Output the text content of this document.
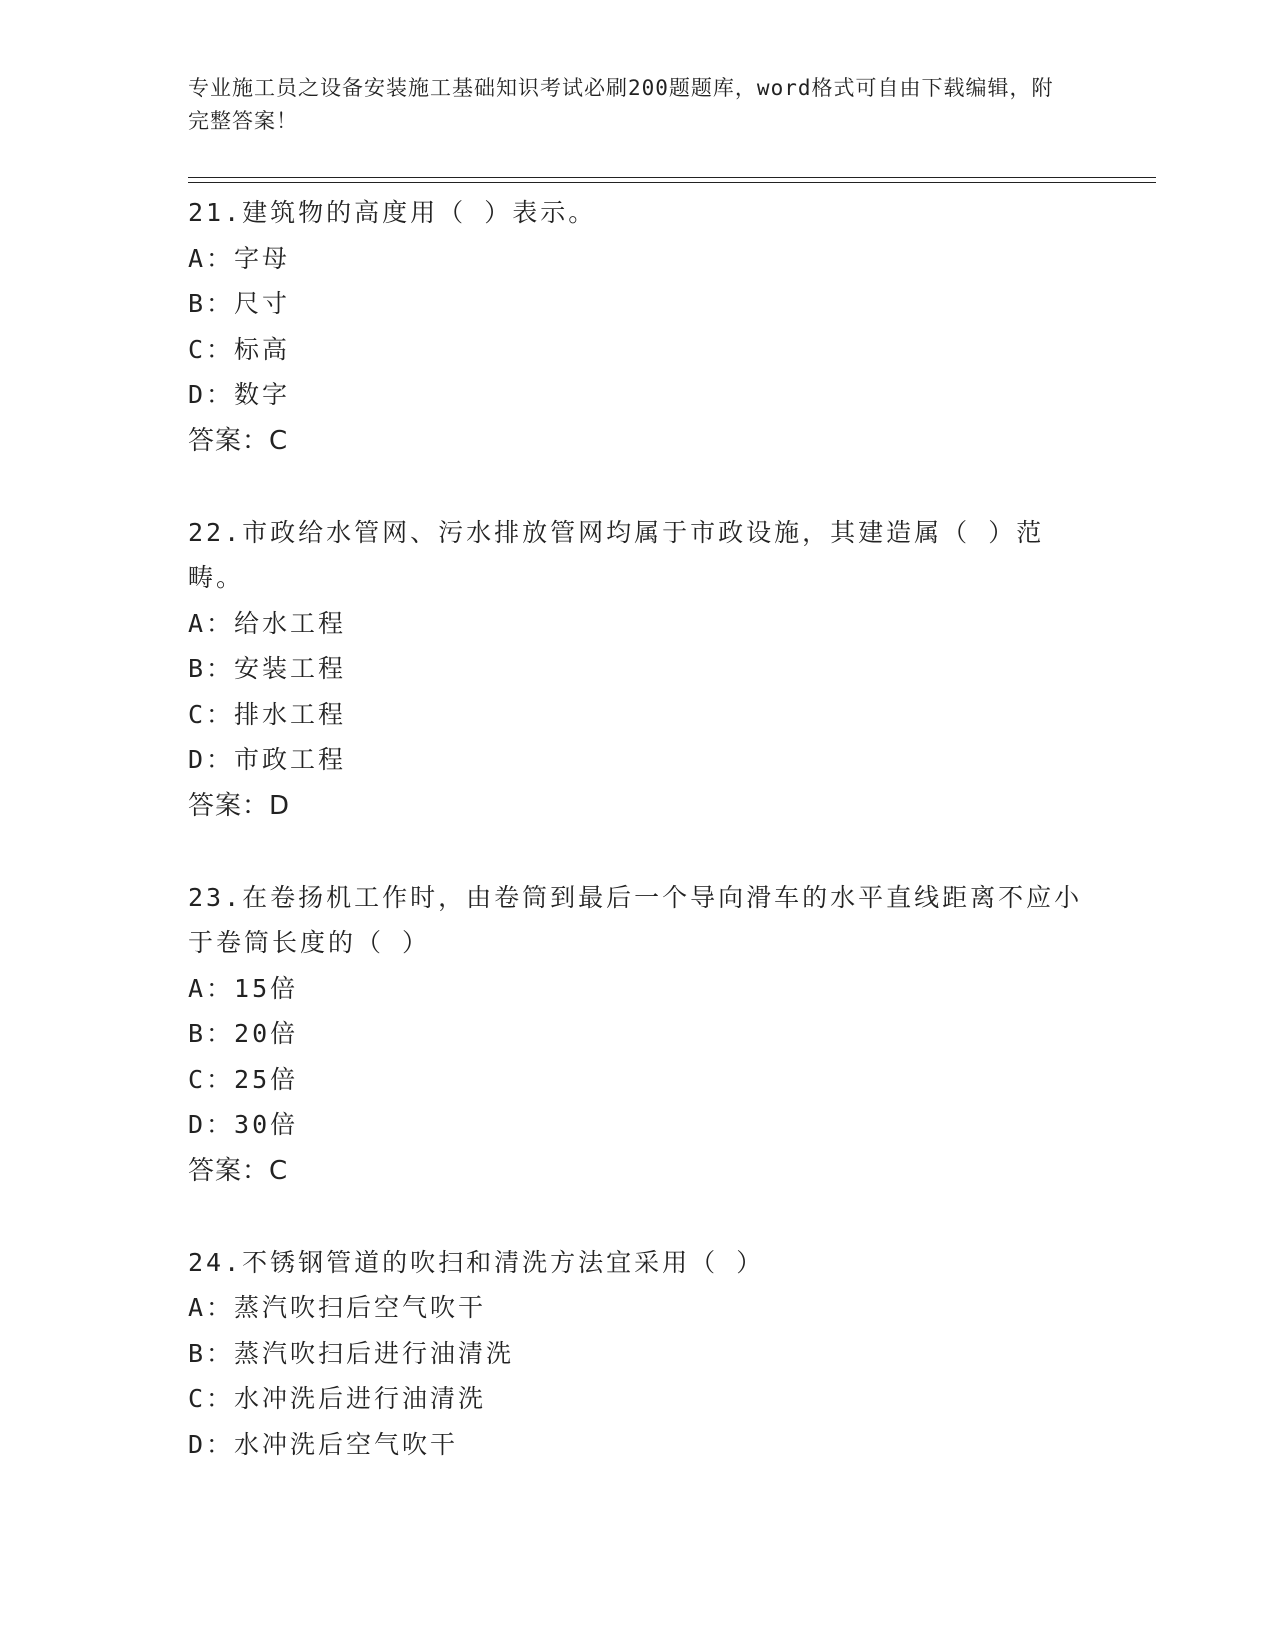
专业施工员之设备安装施工基础知识考试必刷200题题库，word格式可自由下载编辑，附完整答案！

21.建筑物的高度用（ ）表示。

A：字母

B：尺寸

C：标高

D：数字

答案：C

22.市政给水管网、污水排放管网均属于市政设施，其建造属（ ）范畴。

A：给水工程

B：安装工程

C：排水工程

D：市政工程

答案：D

23.在卷扬机工作时，由卷筒到最后一个导向滑车的水平直线距离不应小于卷筒长度的（ ）

A：15倍

B：20倍

C：25倍

D：30倍

答案：C

24.不锈钢管道的吹扫和清洗方法宜采用（ ）

A：蒸汽吹扫后空气吹干

B：蒸汽吹扫后进行油清洗

C：水冲洗后进行油清洗

D：水冲洗后空气吹干
